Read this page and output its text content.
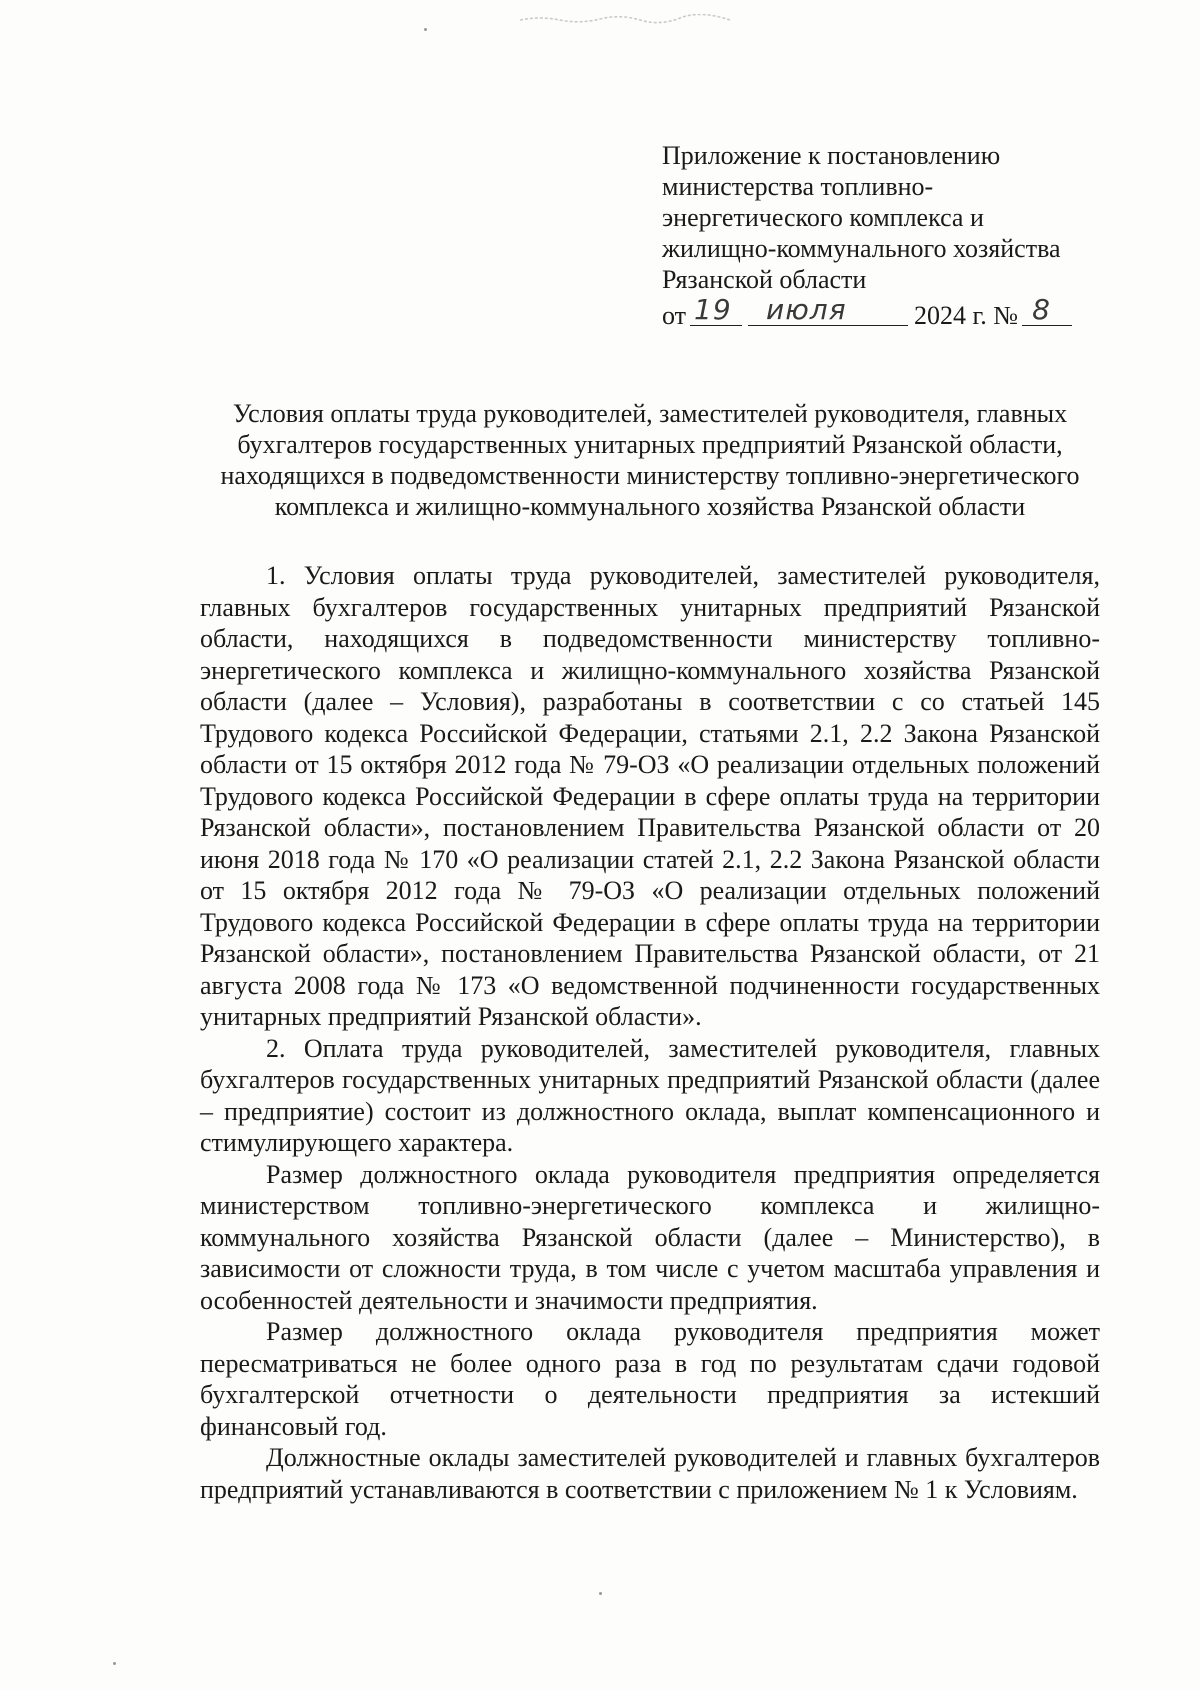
Приложение к постановлению
министерства топливно-
энергетического комплекса и
жилищно-коммунального хозяйства
Рязанской области
от 19 июля	2024 г. № 8
Условия оплаты труда руководителей, заместителей руководителя, главных
бухгалтеров государственных унитарных предприятий Рязанской области,
находящихся в подведомственности министерству топливно-энергетического
комплекса и жилищно-коммунального хозяйства Рязанской области

1. Условия оплаты труда руководителей, заместителей руководителя, главных бухгалтеров государственных унитарных предприятий Рязанской области, находящихся в подведомственности министерству топливно-энергетического комплекса и жилищно-коммунального хозяйства Рязанской области (далее – Условия), разработаны в соответствии с со статьей 145 Трудового кодекса Российской Федерации, статьями 2.1, 2.2 Закона Рязанской области от 15 октября 2012 года № 79-ОЗ «О реализации отдельных положений Трудового кодекса Российской Федерации в сфере оплаты труда на территории Рязанской области», постановлением Правительства Рязанской области от 20 июня 2018 года № 170 «О реализации статей 2.1, 2.2 Закона Рязанской области от 15 октября 2012 года № 79-ОЗ «О реализации отдельных положений Трудового кодекса Российской Федерации в сфере оплаты труда на территории Рязанской области», постановлением Правительства Рязанской области, от 21 августа 2008 года № 173 «О ведомственной подчиненности государственных унитарных предприятий Рязанской области».

2. Оплата труда руководителей, заместителей руководителя, главных бухгалтеров государственных унитарных предприятий Рязанской области (далее – предприятие) состоит из должностного оклада, выплат компенсационного и стимулирующего характера.

Размер должностного оклада руководителя предприятия определяется министерством топливно-энергетического комплекса и жилищно-коммунального хозяйства Рязанской области (далее – Министерство), в зависимости от сложности труда, в том числе с учетом масштаба управления и особенностей деятельности и значимости предприятия.

Размер должностного оклада руководителя предприятия может пересматриваться не более одного раза в год по результатам сдачи годовой бухгалтерской отчетности о деятельности предприятия за истекший финансовый год.

Должностные оклады заместителей руководителей и главных бухгалтеров предприятий устанавливаются в соответствии с приложением № 1 к Условиям.
